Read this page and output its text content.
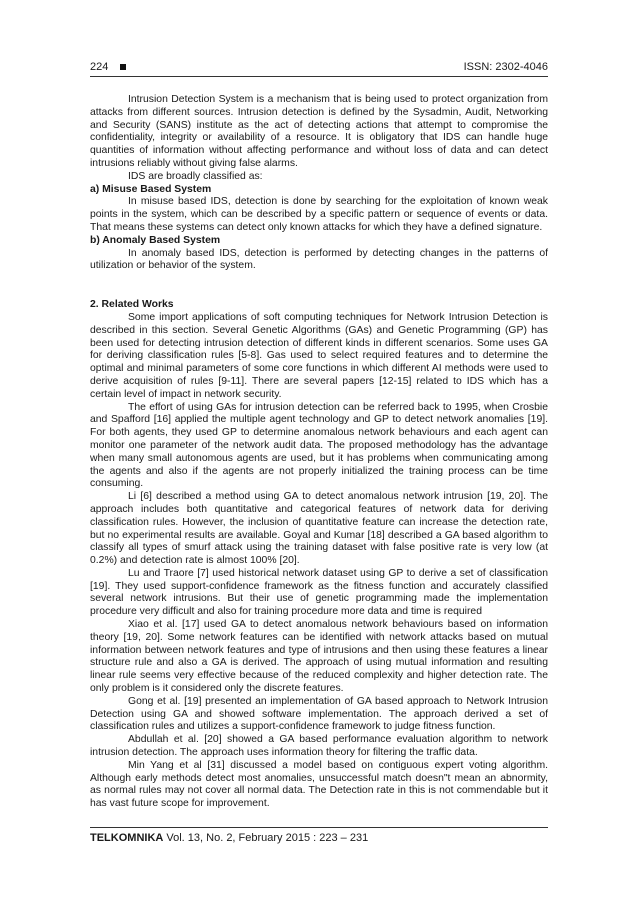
224	ISSN: 2302-4046

Intrusion Detection System is a mechanism that is being used to protect organization from attacks from different sources. Intrusion detection is defined by the Sysadmin, Audit, Networking and Security (SANS) institute as the act of detecting actions that attempt to compromise the confidentiality, integrity or availability of a resource. It is obligatory that IDS can handle huge quantities of information without affecting performance and without loss of data and can detect intrusions reliably without giving false alarms.

IDS are broadly classified as:

a) Misuse Based System

In misuse based IDS, detection is done by searching for the exploitation of known weak points in the system, which can be described by a specific pattern or sequence of events or data. That means these systems can detect only known attacks for which they have a defined signature.

b) Anomaly Based System

In anomaly based IDS, detection is performed by detecting changes in the patterns of utilization or behavior of the system.

2. Related Works

Some import applications of soft computing techniques for Network Intrusion Detection is described in this section. Several Genetic Algorithms (GAs) and Genetic Programming (GP) has been used for detecting intrusion detection of different kinds in different scenarios. Some uses GA for deriving classification rules [5-8]. Gas used to select required features and to determine the optimal and minimal parameters of some core functions in which different AI methods were used to derive acquisition of rules [9-11]. There are several papers [12-15] related to IDS which has a certain level of impact in network security.

The effort of using GAs for intrusion detection can be referred back to 1995, when Crosbie and Spafford [16] applied the multiple agent technology and GP to detect network anomalies [19]. For both agents, they used GP to determine anomalous network behaviours and each agent can monitor one parameter of the network audit data. The proposed methodology has the advantage when many small autonomous agents are used, but it has problems when communicating among the agents and also if the agents are not properly initialized the training process can be time consuming.

Li [6] described a method using GA to detect anomalous network intrusion [19, 20]. The approach includes both quantitative and categorical features of network data for deriving classification rules. However, the inclusion of quantitative feature can increase the detection rate, but no experimental results are available. Goyal and Kumar [18] described a GA based algorithm to classify all types of smurf attack using the training dataset with false positive rate is very low (at 0.2%) and detection rate is almost 100% [20].

Lu and Traore [7] used historical network dataset using GP to derive a set of classification [19]. They used support-confidence framework as the fitness function and accurately classified several network intrusions. But their use of genetic programming made the implementation procedure very difficult and also for training procedure more data and time is required

Xiao et al. [17] used GA to detect anomalous network behaviours based on information theory [19, 20]. Some network features can be identified with network attacks based on mutual information between network features and type of intrusions and then using these features a linear structure rule and also a GA is derived. The approach of using mutual information and resulting linear rule seems very effective because of the reduced complexity and higher detection rate. The only problem is it considered only the discrete features.

Gong et al. [19] presented an implementation of GA based approach to Network Intrusion Detection using GA and showed software implementation. The approach derived a set of classification rules and utilizes a support-confidence framework to judge fitness function.

Abdullah et al. [20] showed a GA based performance evaluation algorithm to network intrusion detection. The approach uses information theory for filtering the traffic data.

Min Yang et al [31] discussed a model based on contiguous expert voting algorithm. Although early methods detect most anomalies, unsuccessful match doesn"t mean an abnormity, as normal rules may not cover all normal data. The Detection rate in this is not commendable but it has vast future scope for improvement.

TELKOMNIKA Vol. 13, No. 2, February 2015 : 223 – 231
